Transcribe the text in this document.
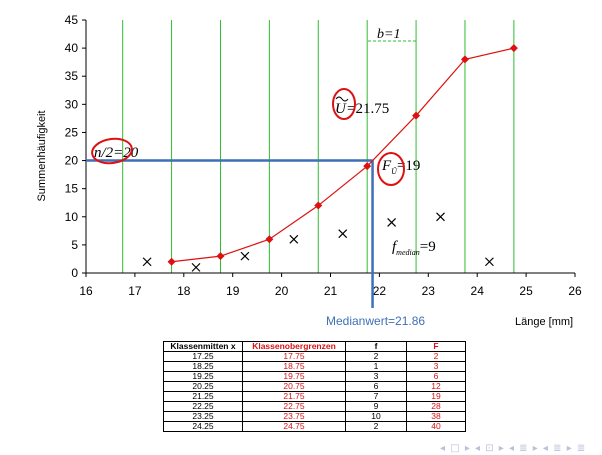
0
5
10
15
20
25
30
35
40
45
16	17	18	19	20	21	22	23	24	25	26
Summenhäufigkeit
Länge [mm]
b=1
U =21.75
n/2=20
$F_Ü=19$
$f_{median}=9$
Medianwert=21.86
Klassenmitten x	Klassenobergrenzen	f	F
17.25	17.75	2	2
18.25	18.75	1	3
19.25	19.75	3	6
20.25	20.75	6	12
21.25	21.75	7	19
22.25	22.75	9	28
23.25	23.75	10	38
24.25	24.75	2	40
◂ □ ▸ ◂ ⊡ ▸ ◂ ≣ ▸ ◂ ≣ ▸ ≣
